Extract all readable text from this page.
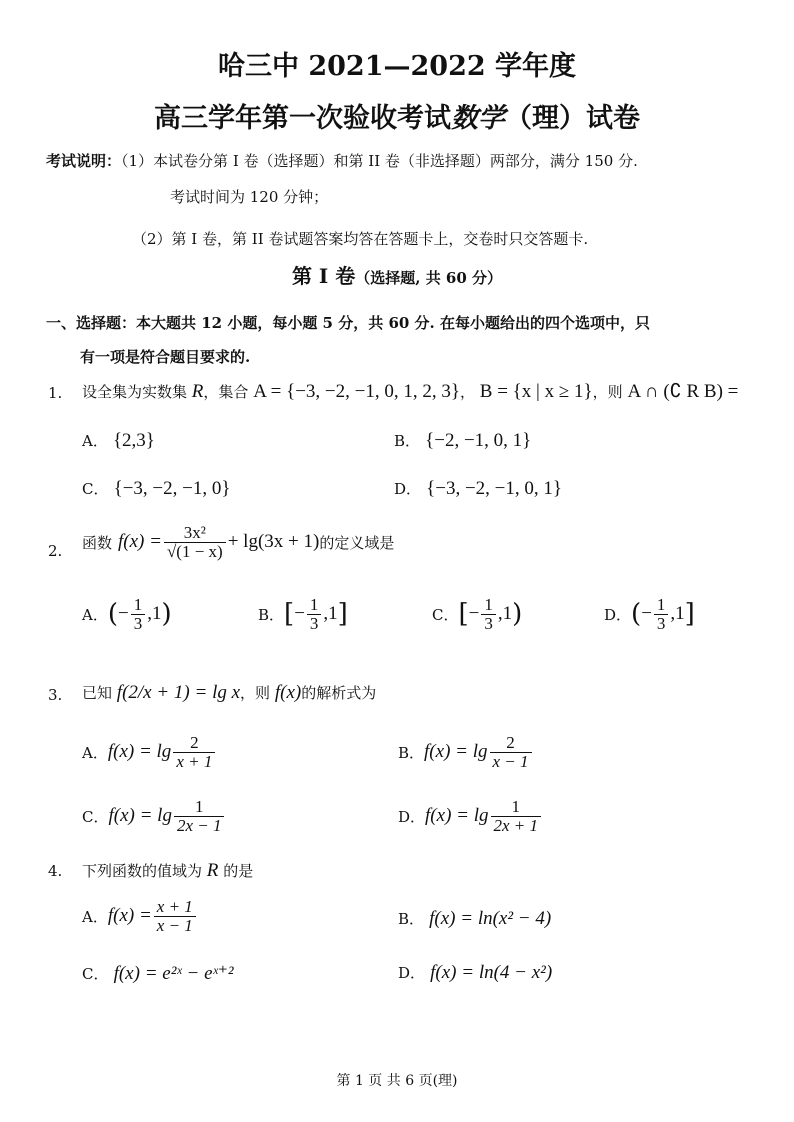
哈三中 2021—2022 学年度
高三学年第一次验收考试数学（理）试卷
考试说明：（1）本试卷分第 I 卷（选择题）和第 II 卷（非选择题）两部分，满分 150 分.
考试时间为 120 分钟；
（2）第 I 卷，第 II 卷试题答案均答在答题卡上，交卷时只交答题卡.
第 I 卷（选择题, 共 60 分）
一、选择题：本大题共 12 小题，每小题 5 分，共 60 分. 在每小题给出的四个选项中，只
有一项是符合题目要求的.
1. 设全集为实数集 R，集合 A = {−3, −2, −1, 0, 1, 2, 3}， B = {x | x ≥ 1}，则 A ∩ (∁ R B) =
A． {2,3}	B． {−2, −1, 0, 1}
C． {−3, −2, −1, 0}	D． {−3, −2, −1, 0, 1}
2. 函数 $f(x) = \frac{\text{3x²}}{√(1 - x)} + \lg(3x + 1)$ 的定义域是
A． ( − $\frac{1}{3} ,1$ )	B． [ − $\frac{1}{3} ,1$ ]	C． [ − $\frac{1}{3} ,1$ )	D． ( − $\frac{1}{3} ,1$ ]
3. 已知 f(2/x + 1) = lg x，则 f(x)的解析式为
A． $f(x) = \lg \frac{2}{x + 1}$	B． $f(x) = \lg \frac{2}{x - 1}$
C． $f(x) = \lg \frac{1}{2x - 1}$	D． $f(x) = \lg \frac{1}{2x + 1}$
4. 下列函数的值域为 R 的是
A． $f(x) = \frac{x + 1}{x - 1}$	B． f(x) = ln(x² − 4)
C． f(x) = e²ˣ − eˣ⁺²	D． f(x) = ln(4 − x²)
第 1 页 共 6 页(理)
